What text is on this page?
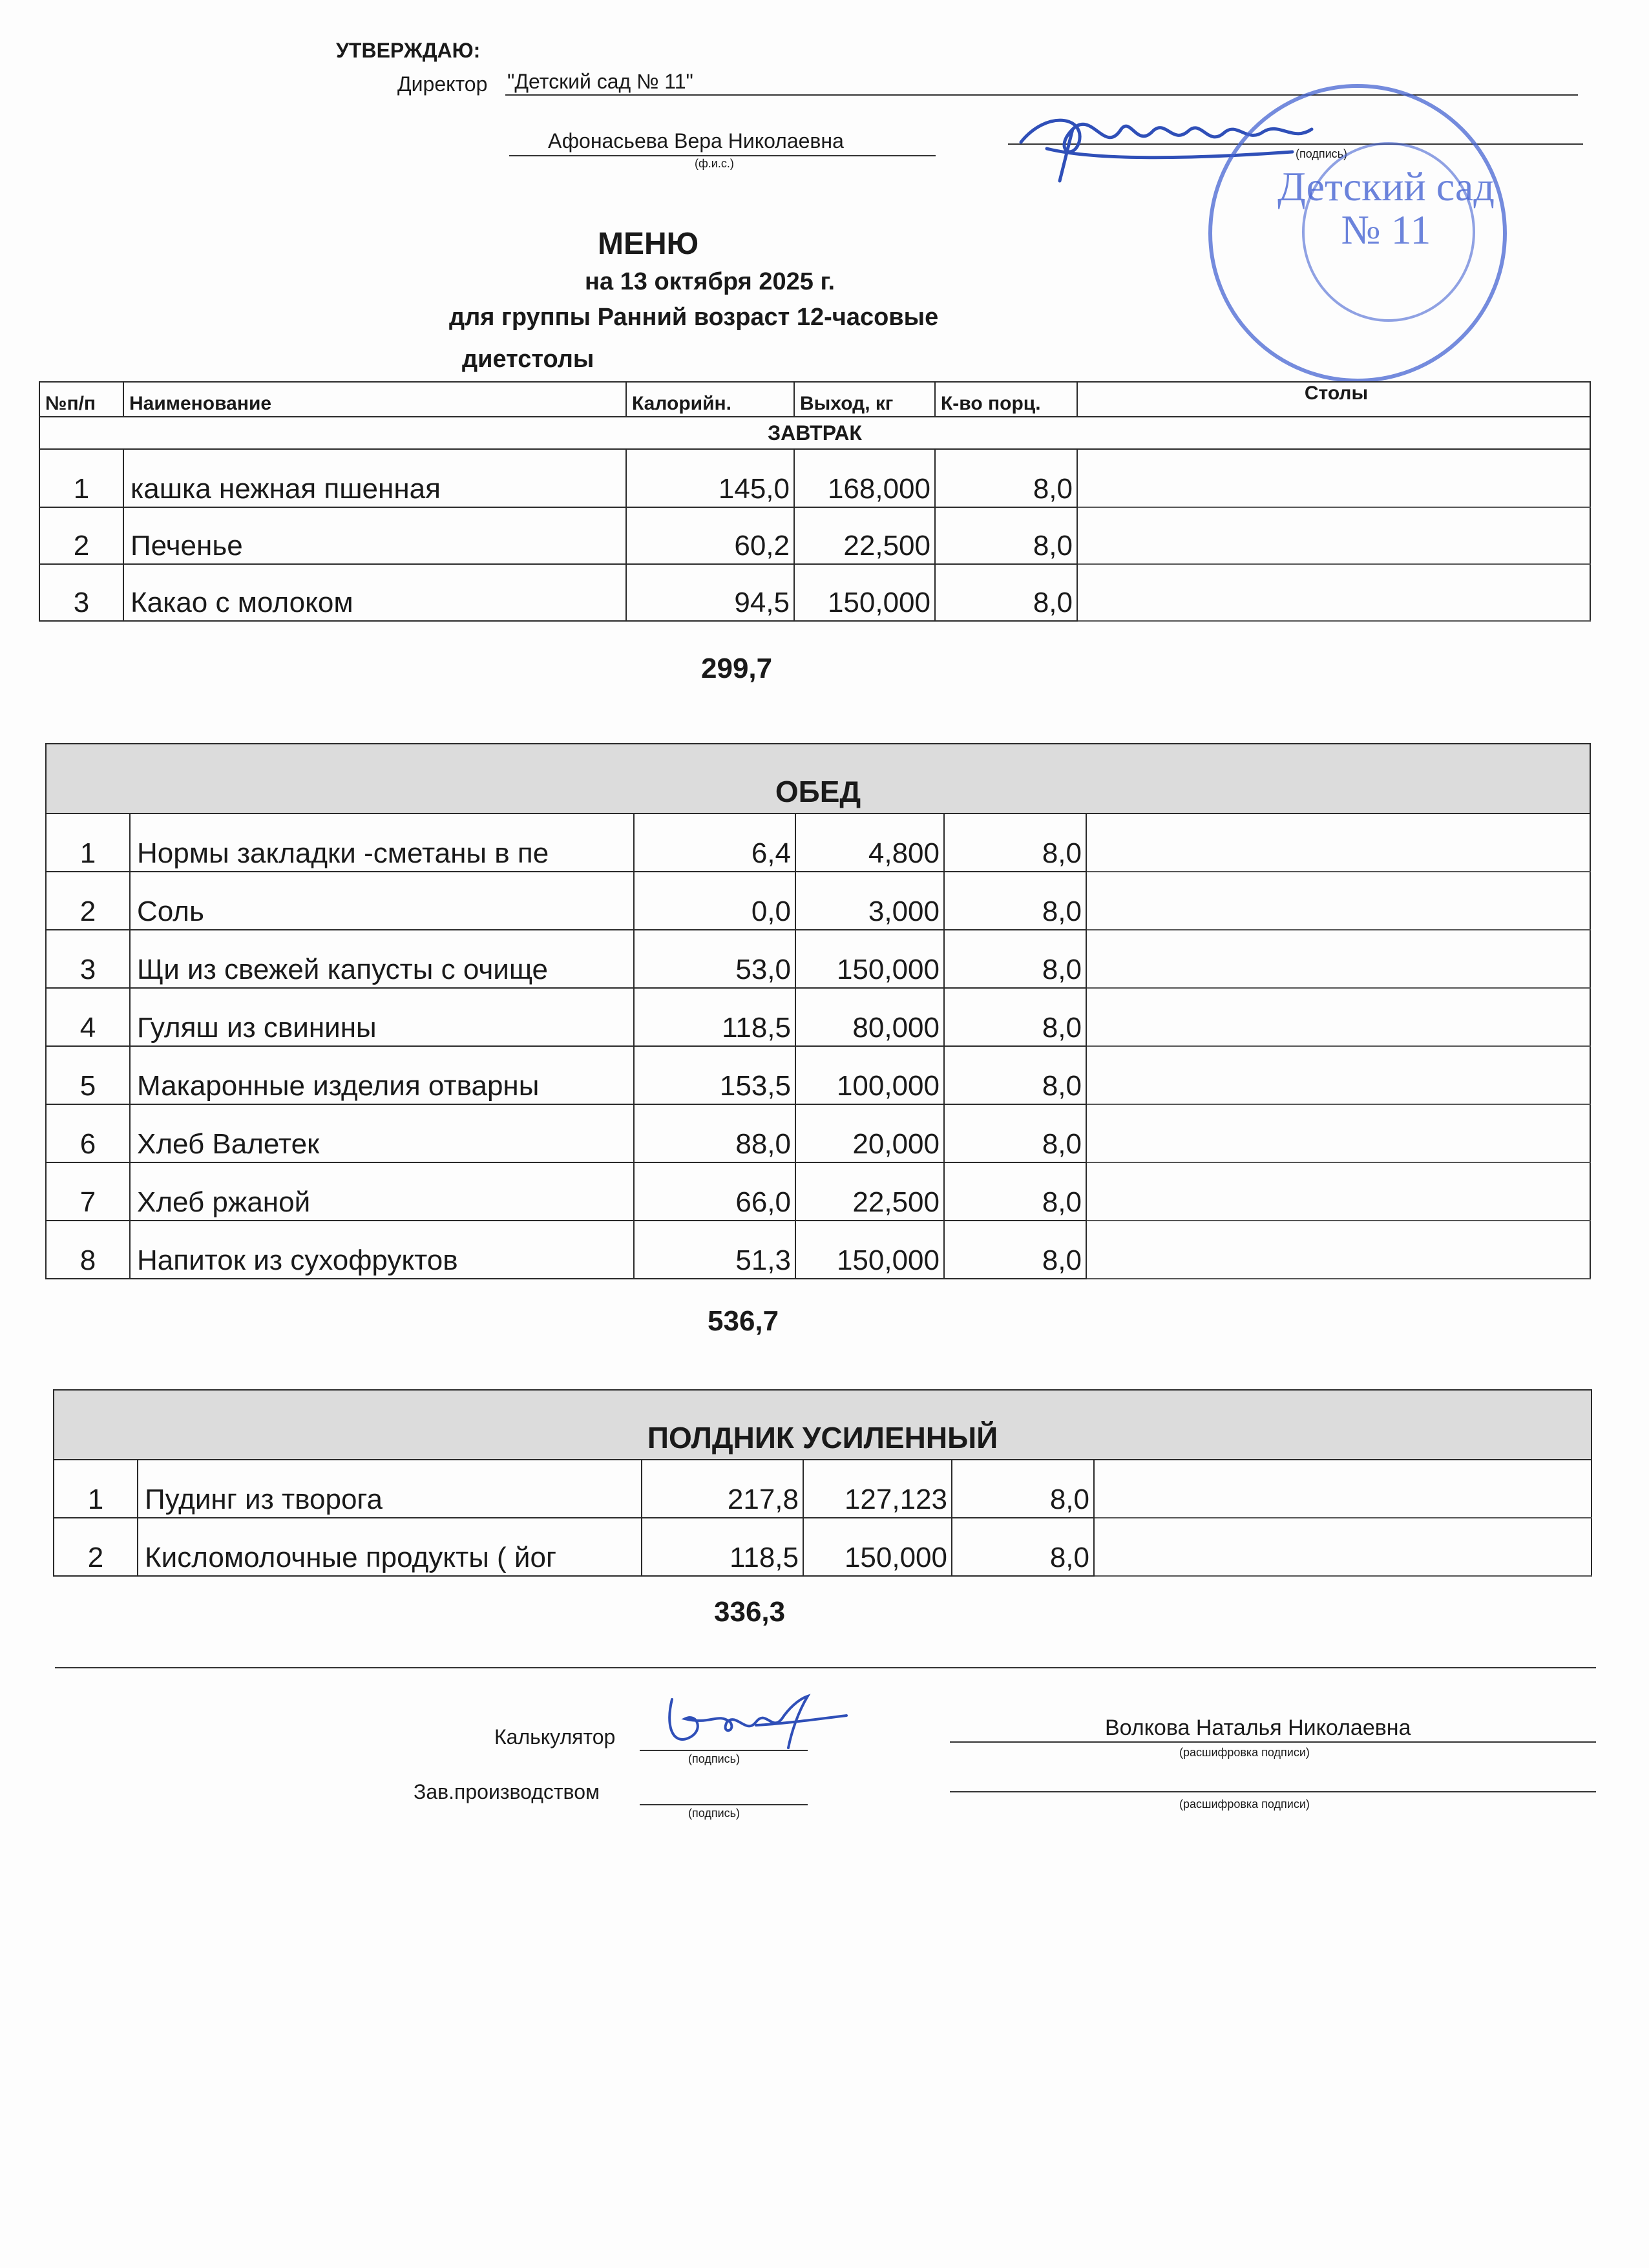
УТВЕРЖДАЮ:
Директор "Детский сад № 11"
Афонасьева Вера Николаевна
(ф.и.с.)
(подпись)
Детский сад № 11
МЕНЮ
на 13 октября 2025 г.
для группы Ранний возраст 12-часовые
диетстолы
№п/п	Наименование	Калорийн.	Выход, кг	К-во порц.	Столы
ЗАВТРАК					
1	кашка нежная пшенная	145,0	168,000	8,0	
2	Печенье	60,2	22,500	8,0	
3	Какао с молоком	94,5	150,000	8,0	
299,7
ОБЕД					
1	Нормы закладки -сметаны в пе	6,4	4,800	8,0	
2	Соль	0,0	3,000	8,0	
3	Щи из свежей капусты с очище	53,0	150,000	8,0	
4	Гуляш из свинины	118,5	80,000	8,0	
5	Макаронные изделия отварны	153,5	100,000	8,0	
6	Хлеб Валетек	88,0	20,000	8,0	
7	Хлеб ржаной	66,0	22,500	8,0	
8	Напиток из сухофруктов	51,3	150,000	8,0	
536,7
ПОЛДНИК УСИЛЕННЫЙ					
1	Пудинг из творога	217,8	127,123	8,0	
2	Кисломолочные продукты ( йог	118,5	150,000	8,0	
336,3
Калькулятор
(подпись)
Волкова Наталья Николаевна
(расшифровка подписи)
Зав.производством
(подпись)
(расшифровка подписи)
